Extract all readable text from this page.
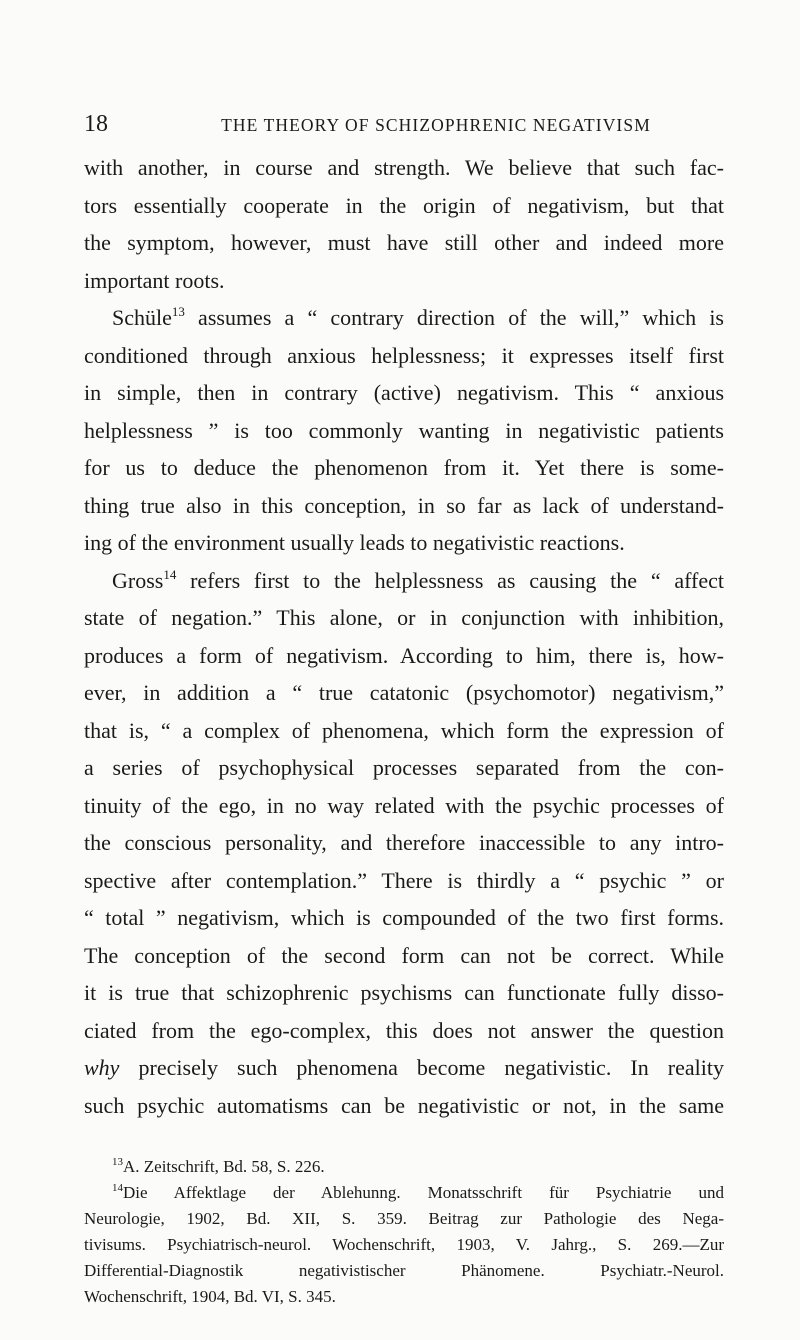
18	THE THEORY OF SCHIZOPHRENIC NEGATIVISM
with another, in course and strength. We believe that such fac-
tors essentially cooperate in the origin of negativism, but that
the symptom, however, must have still other and indeed more
important roots.
Schüle$^{13}$ assumes a “ contrary direction of the will,” which is
conditioned through anxious helplessness; it expresses itself first
in simple, then in contrary (active) negativism. This “ anxious
helplessness ” is too commonly wanting in negativistic patients
for us to deduce the phenomenon from it. Yet there is some-
thing true also in this conception, in so far as lack of understand-
ing of the environment usually leads to negativistic reactions.
Gross$^{14}$ refers first to the helplessness as causing the “ affect
state of negation.” This alone, or in conjunction with inhibition,
produces a form of negativism. According to him, there is, how-
ever, in addition a “ true catatonic (psychomotor) negativism,”
that is, “ a complex of phenomena, which form the expression of
a series of psychophysical processes separated from the con-
tinuity of the ego, in no way related with the psychic processes of
the conscious personality, and therefore inaccessible to any intro-
spective after contemplation.” There is thirdly a “ psychic ” or
“ total ” negativism, which is compounded of the two first forms.
The conception of the second form can not be correct. While
it is true that schizophrenic psychisms can functionate fully disso-
ciated from the ego-complex, this does not answer the question
why precisely such phenomena become negativistic. In reality
such psychic automatisms can be negativistic or not, in the same
$^{13}$A. Zeitschrift, Bd. 58, S. 226.
$^{14}$Die Affektlage der Ablehunng. Monatsschrift für Psychiatrie und
Neurologie, 1902, Bd. XII, S. 359. Beitrag zur Pathologie des Nega-
tivisums. Psychiatrisch-neurol. Wochenschrift, 1903, V. Jahrg., S. 269.—Zur
Differential-Diagnostik negativistischer Phänomene. Psychiatr.-Neurol.
Wochenschrift, 1904, Bd. VI, S. 345.
